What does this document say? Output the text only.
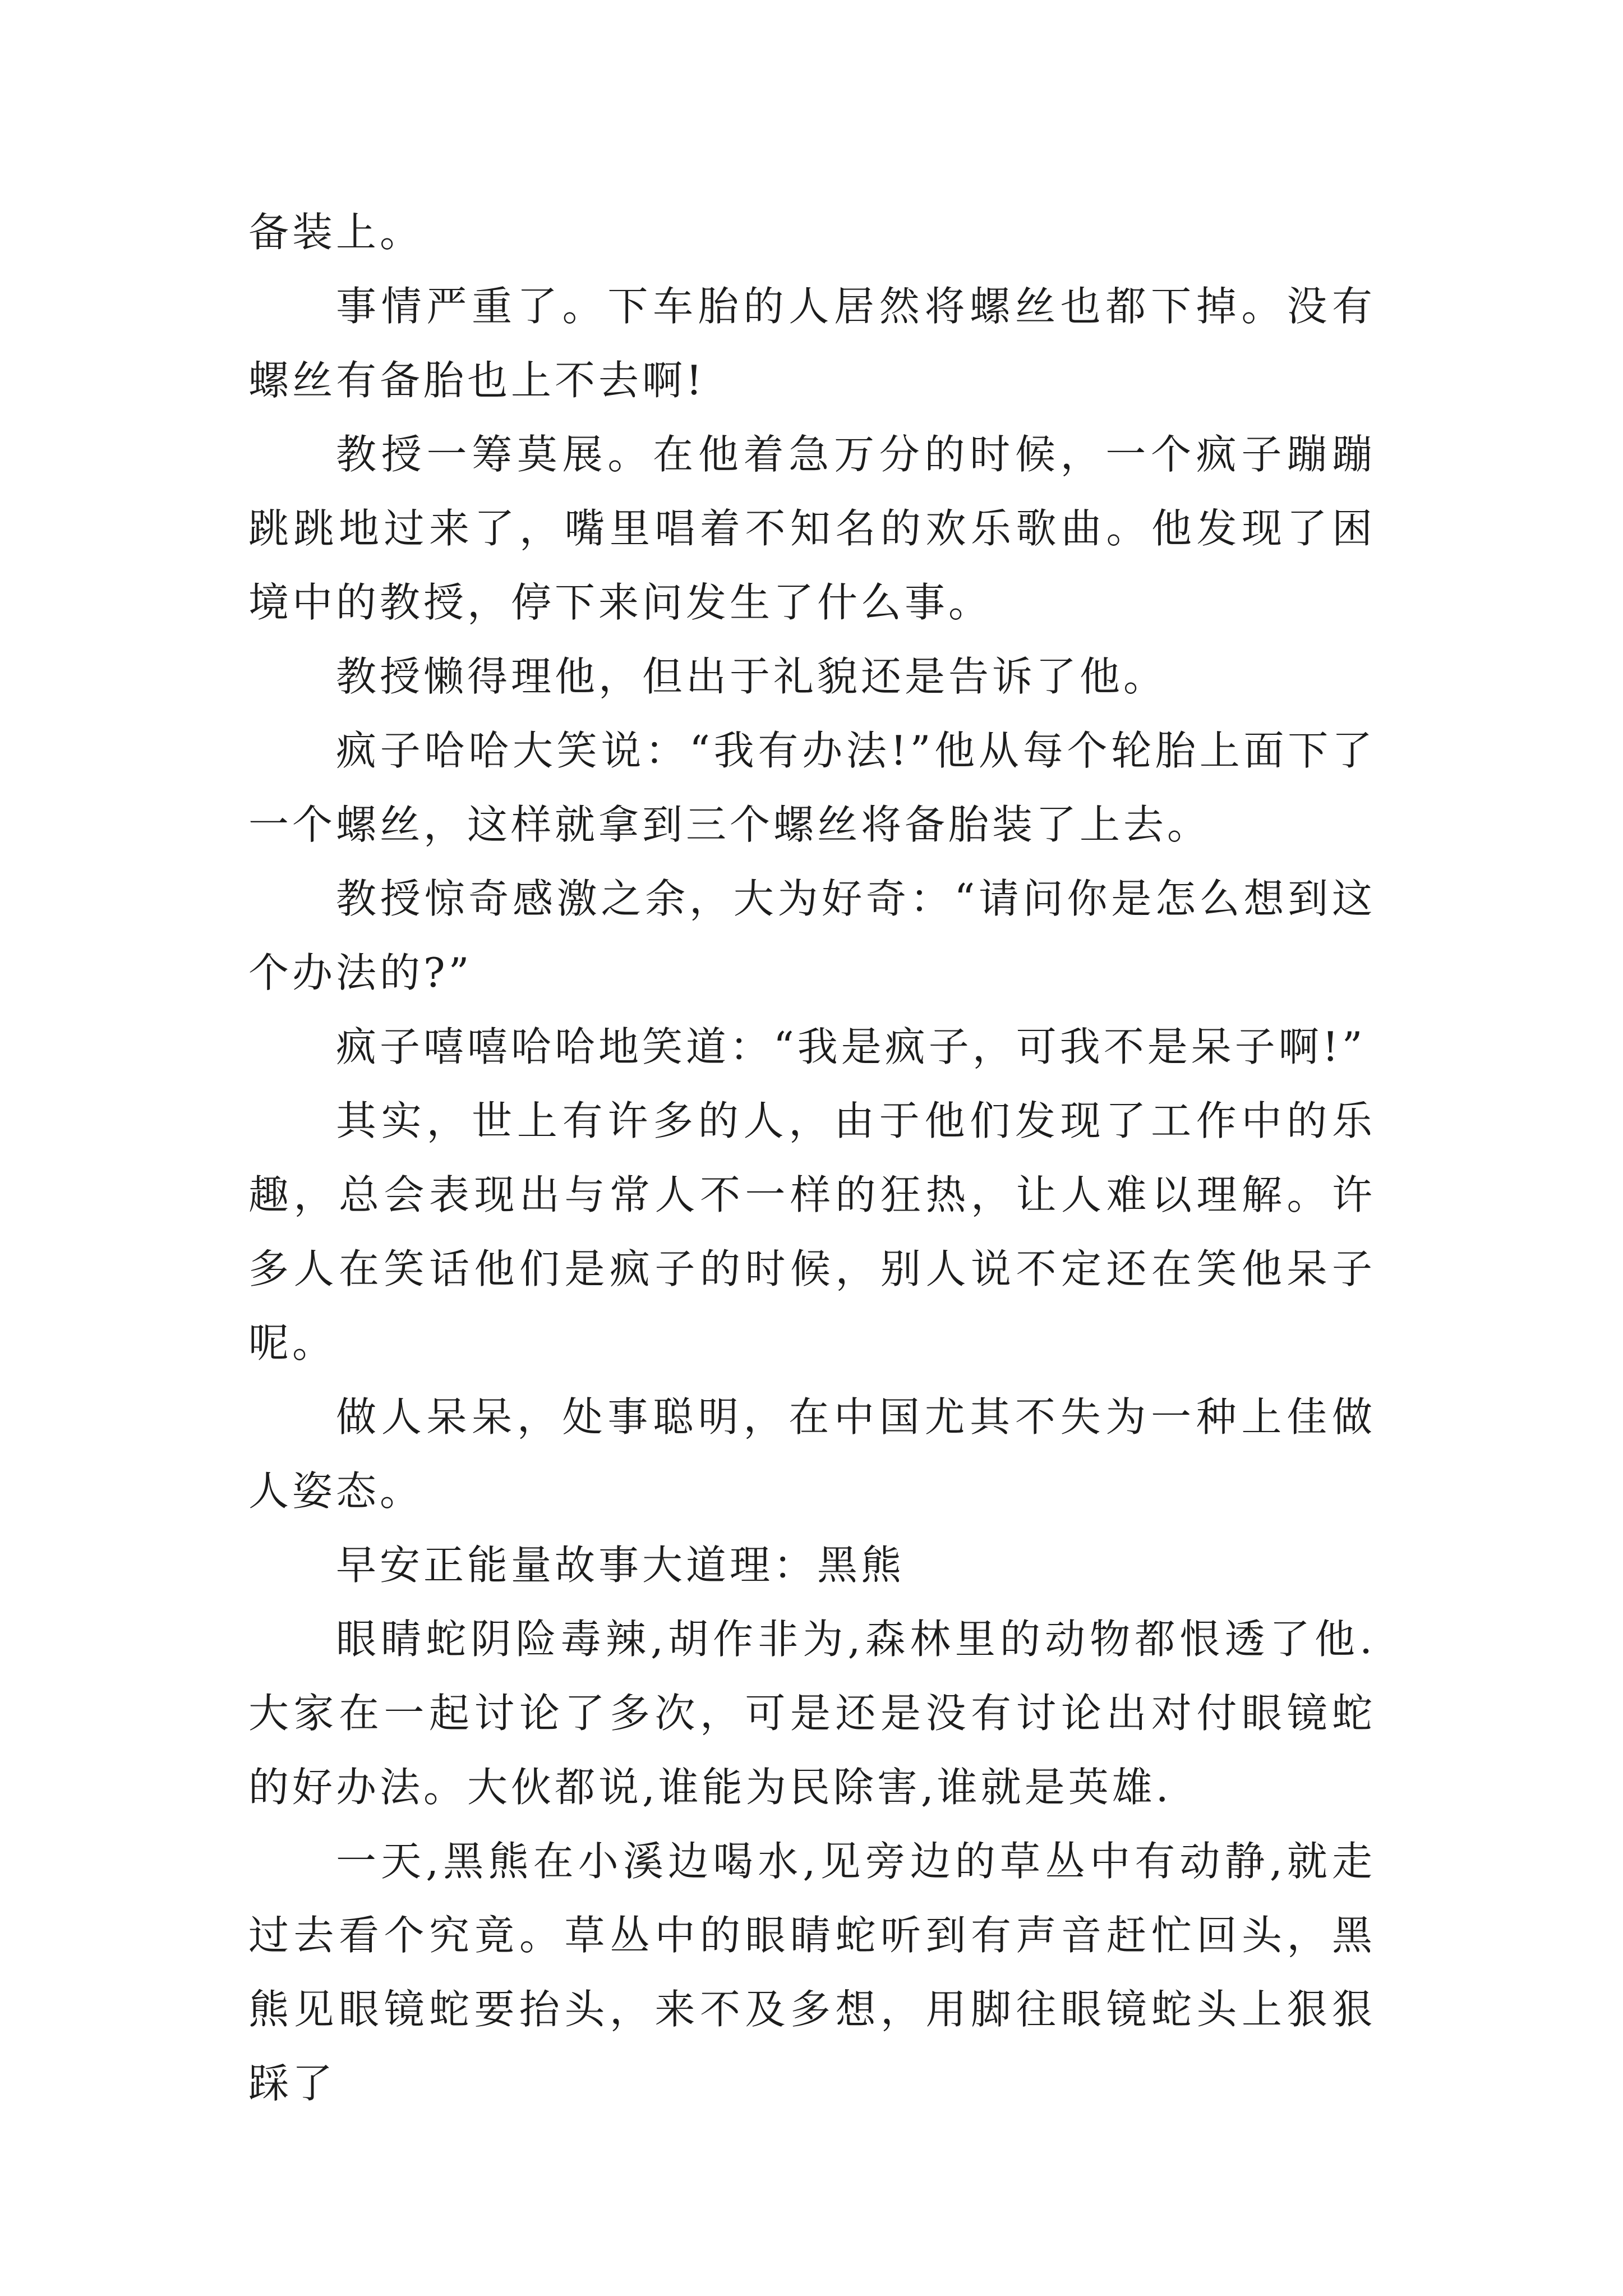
备装上。

事情严重了。下车胎的人居然将螺丝也都下掉。没有螺丝有备胎也上不去啊!

教授一筹莫展。在他着急万分的时候，一个疯子蹦蹦跳跳地过来了，嘴里唱着不知名的欢乐歌曲。他发现了困境中的教授，停下来问发生了什么事。

教授懒得理他，但出于礼貌还是告诉了他。

疯子哈哈大笑说：“我有办法!”他从每个轮胎上面下了一个螺丝，这样就拿到三个螺丝将备胎装了上去。

教授惊奇感激之余，大为好奇：“请问你是怎么想到这个办法的?”

疯子嘻嘻哈哈地笑道：“我是疯子，可我不是呆子啊!”

其实，世上有许多的人，由于他们发现了工作中的乐趣，总会表现出与常人不一样的狂热，让人难以理解。许多人在笑话他们是疯子的时候，别人说不定还在笑他呆子呢。

做人呆呆，处事聪明，在中国尤其不失为一种上佳做人姿态。

早安正能量故事大道理：黑熊

眼睛蛇阴险毒辣,胡作非为,森林里的动物都恨透了他.大家在一起讨论了多次，可是还是没有讨论出对付眼镜蛇的好办法。大伙都说,谁能为民除害,谁就是英雄.

一天,黑熊在小溪边喝水,见旁边的草丛中有动静,就走过去看个究竟。草丛中的眼睛蛇听到有声音赶忙回头，黑熊见眼镜蛇要抬头，来不及多想，用脚往眼镜蛇头上狠狠踩了
